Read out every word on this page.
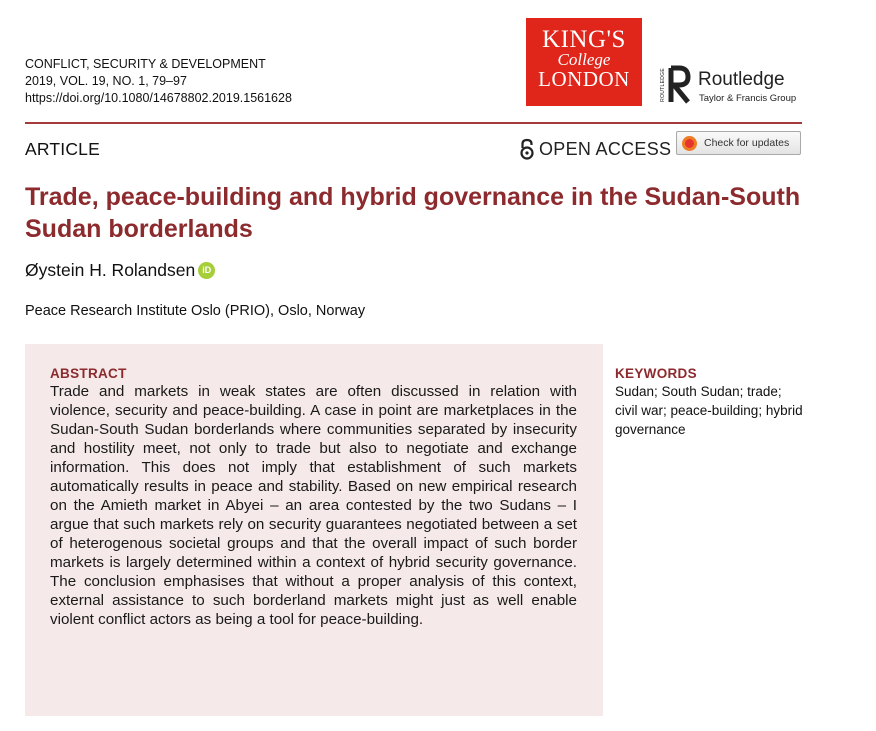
CONFLICT, SECURITY & DEVELOPMENT
2019, VOL. 19, NO. 1, 79–97
https://doi.org/10.1080/14678802.2019.1561628
KING'S
College
LONDON	ROUTLEDGE Routledge
Taylor & Francis Group
ARTICLE	OPEN ACCESS	Check for updates
Trade, peace-building and hybrid governance in the Sudan-South Sudan borderlands
Øystein H. Rolandsen iD
Peace Research Institute Oslo (PRIO), Oslo, Norway
ABSTRACT
Trade and markets in weak states are often discussed in relation with violence, security and peace-building. A case in point are marketplaces in the Sudan-South Sudan borderlands where communities separated by insecurity and hostility meet, not only to trade but also to negotiate and exchange information. This does not imply that establishment of such markets automatically results in peace and stability. Based on new empirical research on the Amieth market in Abyei – an area contested by the two Sudans – I argue that such markets rely on security guarantees negotiated between a set of heterogenous societal groups and that the overall impact of such border markets is largely determined within a context of hybrid security governance. The conclusion emphasises that without a proper analysis of this context, external assistance to such borderland markets might just as well enable violent conflict actors as being a tool for peace-building.
KEYWORDS
Sudan; South Sudan; trade; civil war; peace-building; hybrid governance
